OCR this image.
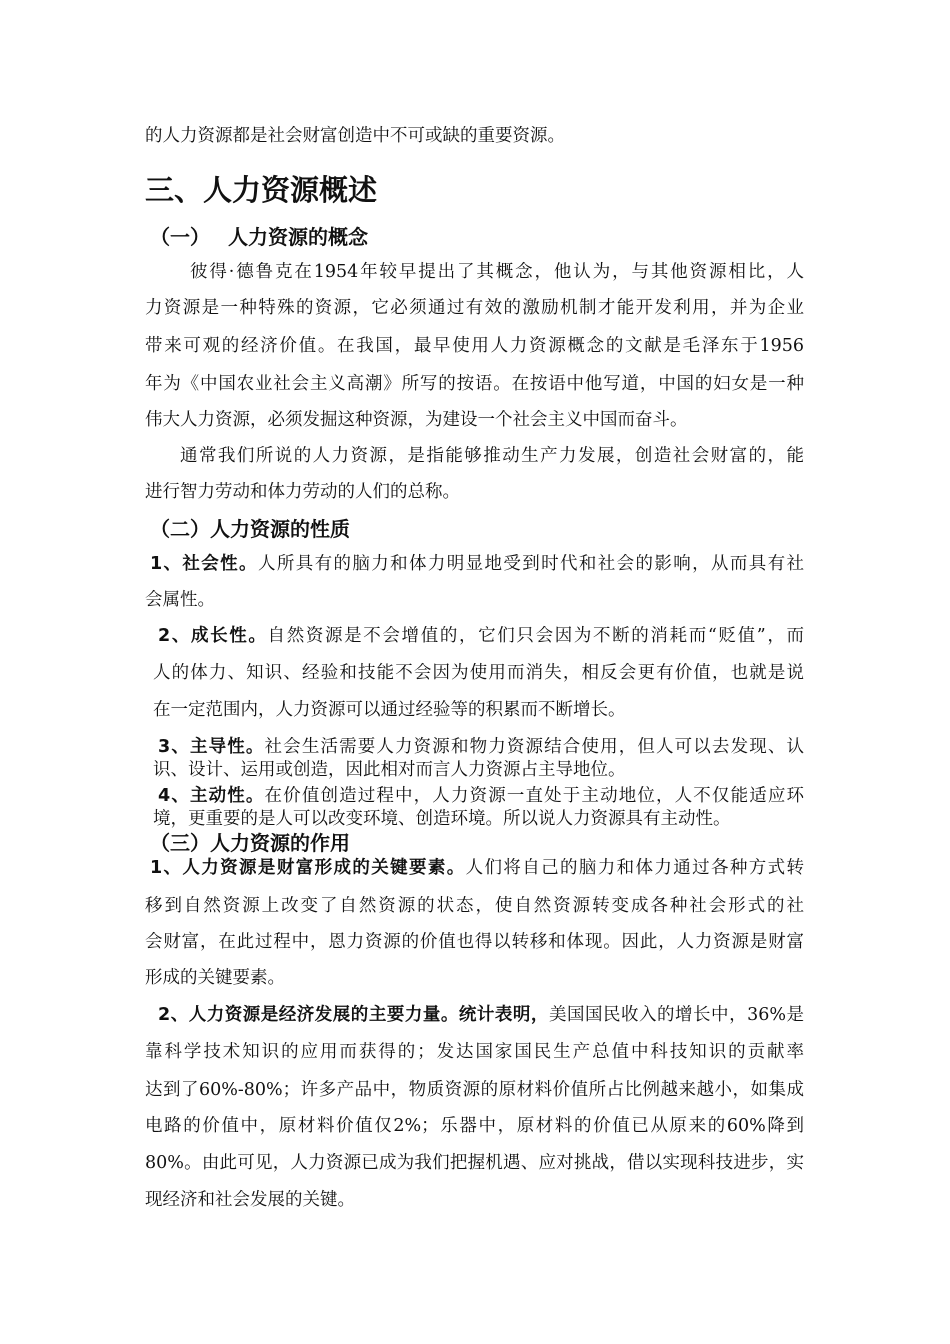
的人力资源都是社会财富创造中不可或缺的重要资源。
三、人力资源概述
（一） 人力资源的概念
彼得·德鲁克在1954年较早提出了其概念，他认为，与其他资源相比，人
力资源是一种特殊的资源，它必须通过有效的激励机制才能开发利用，并为企业
带来可观的经济价值。在我国，最早使用人力资源概念的文献是毛泽东于1956
年为《中国农业社会主义高潮》所写的按语。在按语中他写道，中国的妇女是一种
伟大人力资源，必须发掘这种资源，为建设一个社会主义中国而奋斗。
通常我们所说的人力资源，是指能够推动生产力发展，创造社会财富的，能
进行智力劳动和体力劳动的人们的总称。
（二）人力资源的性质
1、社会性。人所具有的脑力和体力明显地受到时代和社会的影响，从而具有社
会属性。
2、成长性。自然资源是不会增值的，它们只会因为不断的消耗而“贬值”，而
人的体力、知识、经验和技能不会因为使用而消失，相反会更有价值，也就是说
在一定范围内，人力资源可以通过经验等的积累而不断增长。
3、主导性。社会生活需要人力资源和物力资源结合使用，但人可以去发现、认
识、设计、运用或创造，因此相对而言人力资源占主导地位。
4、主动性。在价值创造过程中，人力资源一直处于主动地位，人不仅能适应环
境，更重要的是人可以改变环境、创造环境。所以说人力资源具有主动性。
（三）人力资源的作用
1、人力资源是财富形成的关键要素。人们将自己的脑力和体力通过各种方式转
移到自然资源上改变了自然资源的状态，使自然资源转变成各种社会形式的社
会财富，在此过程中，恩力资源的价值也得以转移和体现。因此，人力资源是财富
形成的关键要素。
2、人力资源是经济发展的主要力量。统计表明，美国国民收入的增长中，36%是
靠科学技术知识的应用而获得的；发达国家国民生产总值中科技知识的贡献率
达到了60%-80%；许多产品中，物质资源的原材料价值所占比例越来越小，如集成
电路的价值中，原材料价值仅2%；乐器中，原材料的价值已从原来的60%降到
80%。由此可见，人力资源已成为我们把握机遇、应对挑战，借以实现科技进步，实
现经济和社会发展的关键。
